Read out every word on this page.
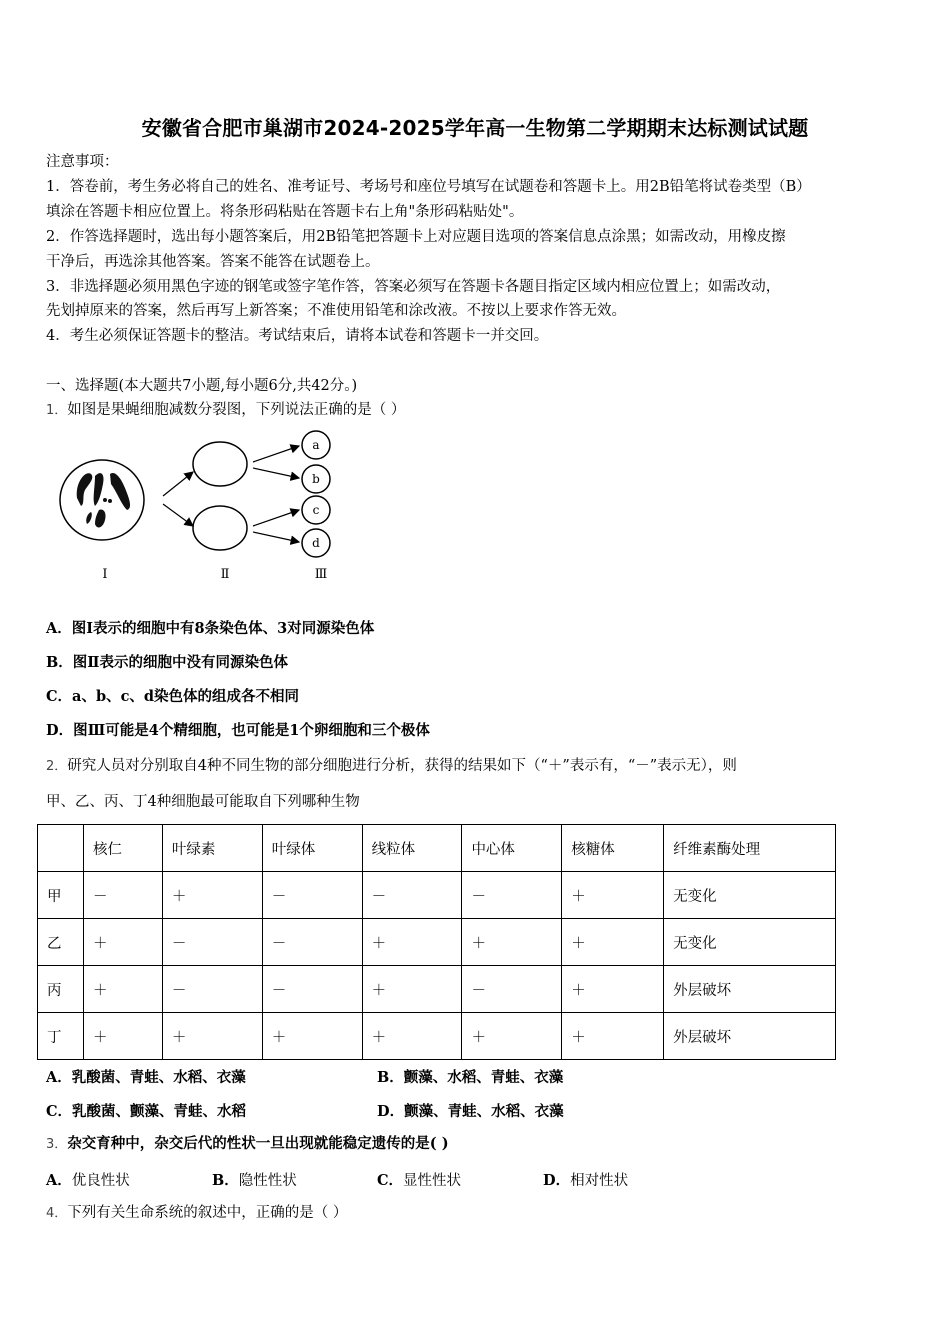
安徽省合肥市巢湖市2024-2025学年高一生物第二学期期末达标测试试题
注意事项：
1．答卷前，考生务必将自己的姓名、准考证号、考场号和座位号填写在试题卷和答题卡上。用2B铅笔将试卷类型（B）
填涂在答题卡相应位置上。将条形码粘贴在答题卡右上角"条形码粘贴处"。
2．作答选择题时，选出每小题答案后，用2B铅笔把答题卡上对应题目选项的答案信息点涂黑；如需改动，用橡皮擦
干净后，再选涂其他答案。答案不能答在试题卷上。
3．非选择题必须用黑色字迹的钢笔或签字笔作答，答案必须写在答题卡各题目指定区域内相应位置上；如需改动，
先划掉原来的答案，然后再写上新答案；不准使用铅笔和涂改液。不按以上要求作答无效。
4．考生必须保证答题卡的整洁。考试结束后，请将本试卷和答题卡一并交回。
一、选择题(本大题共7小题,每小题6分,共42分。)
1．如图是果蝇细胞减数分裂图，下列说法正确的是（ ）
a
b
c
d
Ⅰ	Ⅱ	Ⅲ
A．图Ⅰ表示的细胞中有8条染色体、3对同源染色体
B．图Ⅱ表示的细胞中没有同源染色体
C．a、b、c、d染色体的组成各不相同
D．图Ⅲ可能是4个精细胞，也可能是1个卵细胞和三个极体
2．研究人员对分别取自4种不同生物的部分细胞进行分析，获得的结果如下（“＋”表示有，“－”表示无），则
甲、乙、丙、丁4种细胞最可能取自下列哪种生物
	核仁	叶绿素	叶绿体	线粒体	中心体	核糖体	纤维素酶处理
甲	－	＋	－	－	－	＋	无变化
乙	＋	－	－	＋	＋	＋	无变化
丙	＋	－	－	＋	－	＋	外层破坏
丁	＋	＋	＋	＋	＋	＋	外层破坏
A．乳酸菌、青蛙、水稻、衣藻	B．颤藻、水稻、青蛙、衣藻
C．乳酸菌、颤藻、青蛙、水稻	D．颤藻、青蛙、水稻、衣藻
3．杂交育种中，杂交后代的性状一旦出现就能稳定遗传的是( )
A．优良性状	B．隐性性状	C．显性性状	D．相对性状
4．下列有关生命系统的叙述中，正确的是（ ）
